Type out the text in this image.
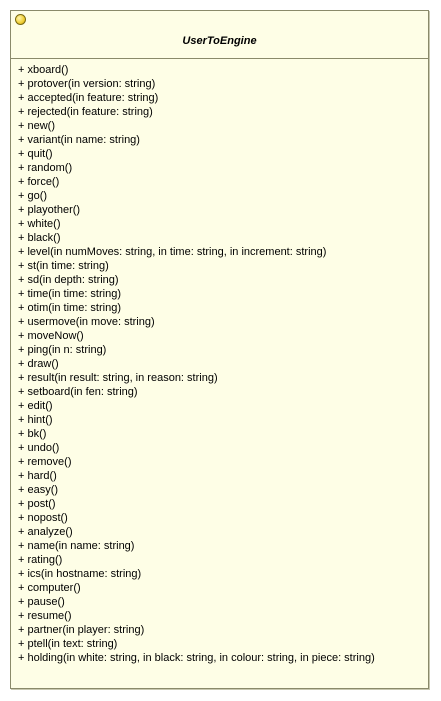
UserToEngine
+ xboard()
+ protover(in version: string)
+ accepted(in feature: string)
+ rejected(in feature: string)
+ new()
+ variant(in name: string)
+ quit()
+ random()
+ force()
+ go()
+ playother()
+ white()
+ black()
+ level(in numMoves: string, in time: string, in increment: string)
+ st(in time: string)
+ sd(in depth: string)
+ time(in time: string)
+ otim(in time: string)
+ usermove(in move: string)
+ moveNow()
+ ping(in n: string)
+ draw()
+ result(in result: string, in reason: string)
+ setboard(in fen: string)
+ edit()
+ hint()
+ bk()
+ undo()
+ remove()
+ hard()
+ easy()
+ post()
+ nopost()
+ analyze()
+ name(in name: string)
+ rating()
+ ics(in hostname: string)
+ computer()
+ pause()
+ resume()
+ partner(in player: string)
+ ptell(in text: string)
+ holding(in white: string, in black: string, in colour: string, in piece: string)
